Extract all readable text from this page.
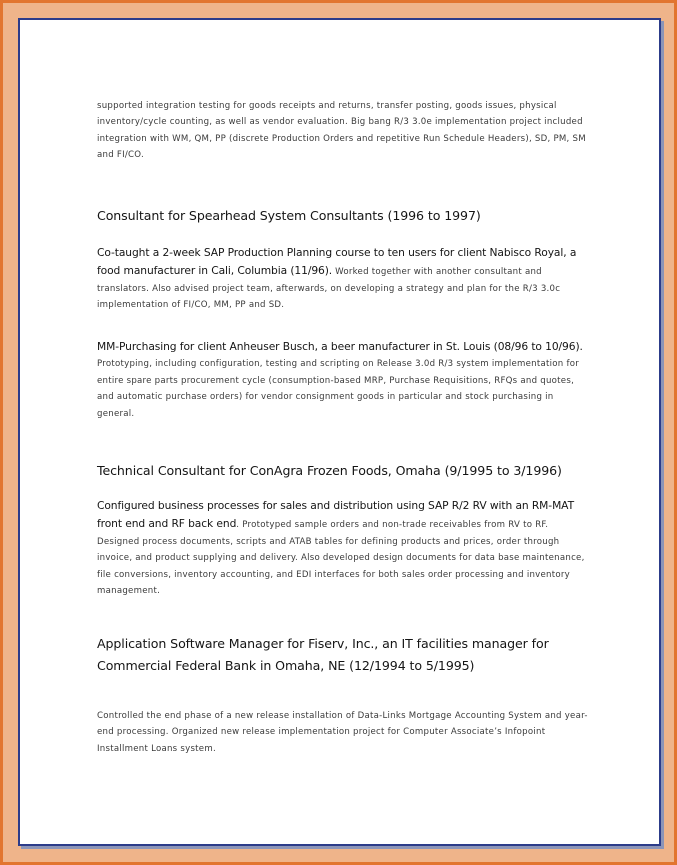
supported integration testing for goods receipts and returns, transfer posting, goods issues, physical inventory/cycle counting, as well as vendor evaluation. Big bang R/3 3.0e implementation project included integration with WM, QM, PP (discrete Production Orders and repetitive Run Schedule Headers), SD, PM, SM and FI/CO.

Consultant for Spearhead System Consultants (1996 to 1997)

Co-taught a 2-week SAP Production Planning course to ten users for client Nabisco Royal, a food manufacturer in Cali, Columbia (11/96). Worked together with another consultant and translators. Also advised project team, afterwards, on developing a strategy and plan for the R/3 3.0c implementation of FI/CO, MM, PP and SD.

MM-Purchasing for client Anheuser Busch, a beer manufacturer in St. Louis (08/96 to 10/96). Prototyping, including configuration, testing and scripting on Release 3.0d R/3 system implementation for entire spare parts procurement cycle (consumption-based MRP, Purchase Requisitions, RFQs and quotes, and automatic purchase orders) for vendor consignment goods in particular and stock purchasing in general.

Technical Consultant for ConAgra Frozen Foods, Omaha (9/1995 to 3/1996)

Configured business processes for sales and distribution using SAP R/2 RV with an RM-MAT front end and RF back end. Prototyped sample orders and non-trade receivables from RV to RF. Designed process documents, scripts and ATAB tables for defining products and prices, order through invoice, and product supplying and delivery. Also developed design documents for data base maintenance, file conversions, inventory accounting, and EDI interfaces for both sales order processing and inventory management.

Application Software Manager for Fiserv, Inc., an IT facilities manager for Commercial Federal Bank in Omaha, NE (12/1994 to 5/1995)

Controlled the end phase of a new release installation of Data-Links Mortgage Accounting System and year-end processing. Organized new release implementation project for Computer Associate’s Infopoint Installment Loans system.
